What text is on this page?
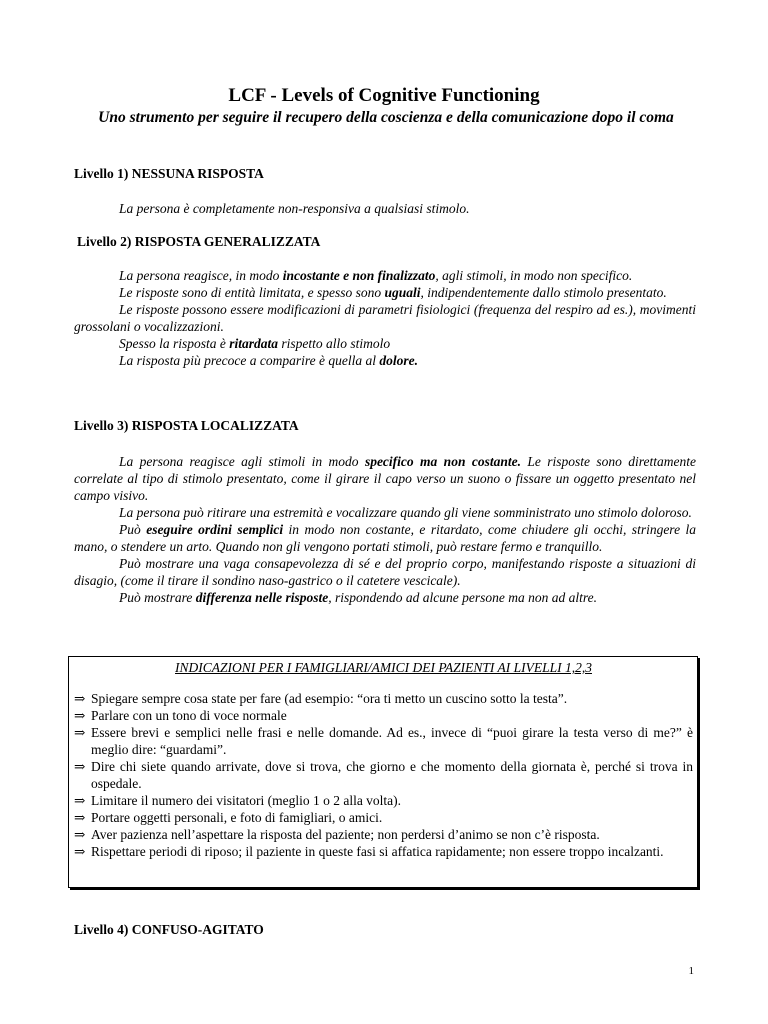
LCF - Levels of Cognitive Functioning
Uno strumento per seguire il recupero della coscienza e della comunicazione dopo il coma
Livello 1) NESSUNA RISPOSTA

La persona è completamente non-responsiva a qualsiasi stimolo.

Livello 2) RISPOSTA GENERALIZZATA

La persona reagisce, in modo incostante e non finalizzato, agli stimoli, in modo non specifico.

Le risposte sono di entità limitata, e spesso sono uguali, indipendentemente dallo stimolo presentato.

Le risposte possono essere modificazioni di parametri fisiologici (frequenza del respiro ad es.), movimenti grossolani o vocalizzazioni.

Spesso la risposta è ritardata rispetto allo stimolo

La risposta più precoce a comparire è quella al dolore.

Livello 3) RISPOSTA LOCALIZZATA

La persona reagisce agli stimoli in modo specifico ma non costante. Le risposte sono direttamente correlate al tipo di stimolo presentato, come il girare il capo verso un suono o fissare un oggetto presentato nel campo visivo.

La persona può ritirare una estremità e vocalizzare quando gli viene somministrato uno stimolo doloroso.

Può eseguire ordini semplici in modo non costante, e ritardato, come chiudere gli occhi, stringere la mano, o stendere un arto. Quando non gli vengono portati stimoli, può restare fermo e tranquillo.

Può mostrare una vaga consapevolezza di sé e del proprio corpo, manifestando risposte a situazioni di disagio, (come il tirare il sondino naso-gastrico o il catetere vescicale).

Può mostrare differenza nelle risposte, rispondendo ad alcune persone ma non ad altre.

INDICAZIONI PER I FAMIGLIARI/AMICI DEI PAZIENTI AI LIVELLI 1,2,3

⇒ Spiegare sempre cosa state per fare (ad esempio: “ora ti metto un cuscino sotto la testa”.
⇒ Parlare con un tono di voce normale
⇒ Essere brevi e semplici nelle frasi e nelle domande. Ad es., invece di “puoi girare la testa verso di me?” è meglio dire: “guardami”.
⇒ Dire chi siete quando arrivate, dove si trova, che giorno e che momento della giornata è, perché si trova in ospedale.
⇒ Limitare il numero dei visitatori (meglio 1 o 2 alla volta).
⇒ Portare oggetti personali, e foto di famigliari, o amici.
⇒ Aver pazienza nell’aspettare la risposta del paziente; non perdersi d’animo se non c’è risposta.
⇒ Rispettare periodi di riposo; il paziente in queste fasi si affatica rapidamente; non essere troppo incalzanti.
Livello 4) CONFUSO-AGITATO
1
